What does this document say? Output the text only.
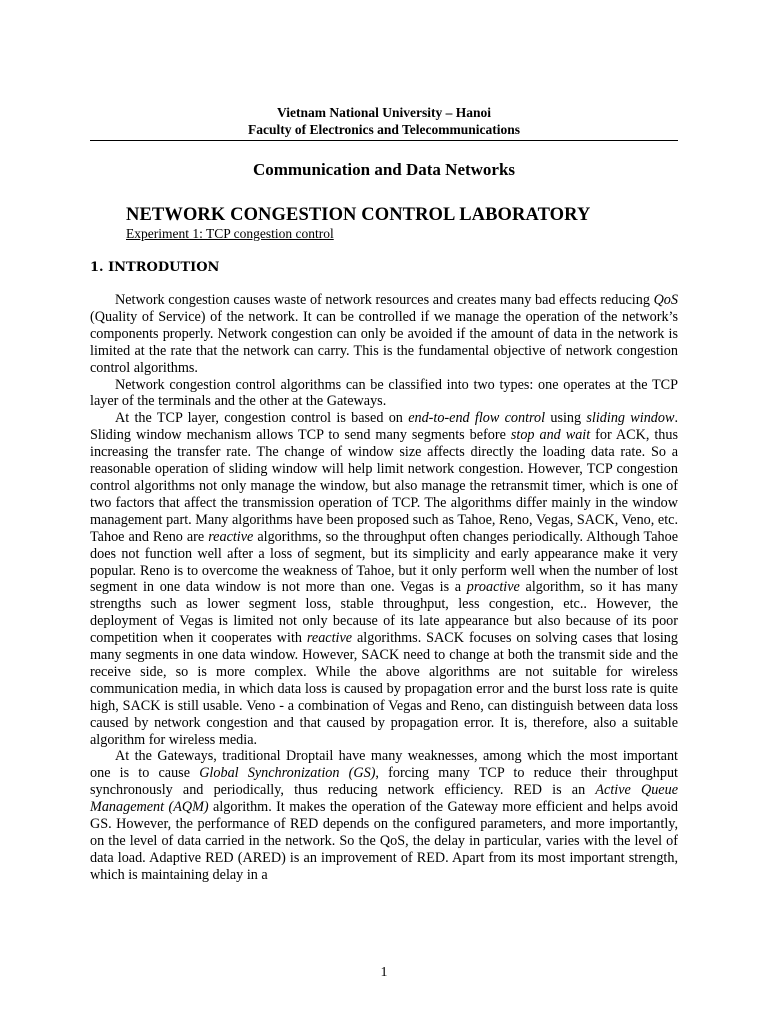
Vietnam National University – Hanoi
Faculty of Electronics and Telecommunications
Communication and Data Networks
NETWORK CONGESTION CONTROL LABORATORY
Experiment 1: TCP congestion control
1. INTRODUTION

Network congestion causes waste of network resources and creates many bad effects reducing QoS (Quality of Service) of the network. It can be controlled if we manage the operation of the network’s components properly. Network congestion can only be avoided if the amount of data in the network is limited at the rate that the network can carry. This is the fundamental objective of network congestion control algorithms.

Network congestion control algorithms can be classified into two types: one operates at the TCP layer of the terminals and the other at the Gateways.

At the TCP layer, congestion control is based on end-to-end flow control using sliding window. Sliding window mechanism allows TCP to send many segments before stop and wait for ACK, thus increasing the transfer rate. The change of window size affects directly the loading data rate. So a reasonable operation of sliding window will help limit network congestion. However, TCP congestion control algorithms not only manage the window, but also manage the retransmit timer, which is one of two factors that affect the transmission operation of TCP. The algorithms differ mainly in the window management part. Many algorithms have been proposed such as Tahoe, Reno, Vegas, SACK, Veno, etc. Tahoe and Reno are reactive algorithms, so the throughput often changes periodically. Although Tahoe does not function well after a loss of segment, but its simplicity and early appearance make it very popular. Reno is to overcome the weakness of Tahoe, but it only perform well when the number of lost segment in one data window is not more than one. Vegas is a proactive algorithm, so it has many strengths such as lower segment loss, stable throughput, less congestion, etc.. However, the deployment of Vegas is limited not only because of its late appearance but also because of its poor competition when it cooperates with reactive algorithms. SACK focuses on solving cases that losing many segments in one data window. However, SACK need to change at both the transmit side and the receive side, so is more complex. While the above algorithms are not suitable for wireless communication media, in which data loss is caused by propagation error and the burst loss rate is quite high, SACK is still usable. Veno - a combination of Vegas and Reno, can distinguish between data loss caused by network congestion and that caused by propagation error. It is, therefore, also a suitable algorithm for wireless media.

At the Gateways, traditional Droptail have many weaknesses, among which the most important one is to cause Global Synchronization (GS), forcing many TCP to reduce their throughput synchronously and periodically, thus reducing network efficiency. RED is an Active Queue Management (AQM) algorithm. It makes the operation of the Gateway more efficient and helps avoid GS. However, the performance of RED depends on the configured parameters, and more importantly, on the level of data carried in the network. So the QoS, the delay in particular, varies with the level of data load. Adaptive RED (ARED) is an improvement of RED. Apart from its most important strength, which is maintaining delay in a

1
